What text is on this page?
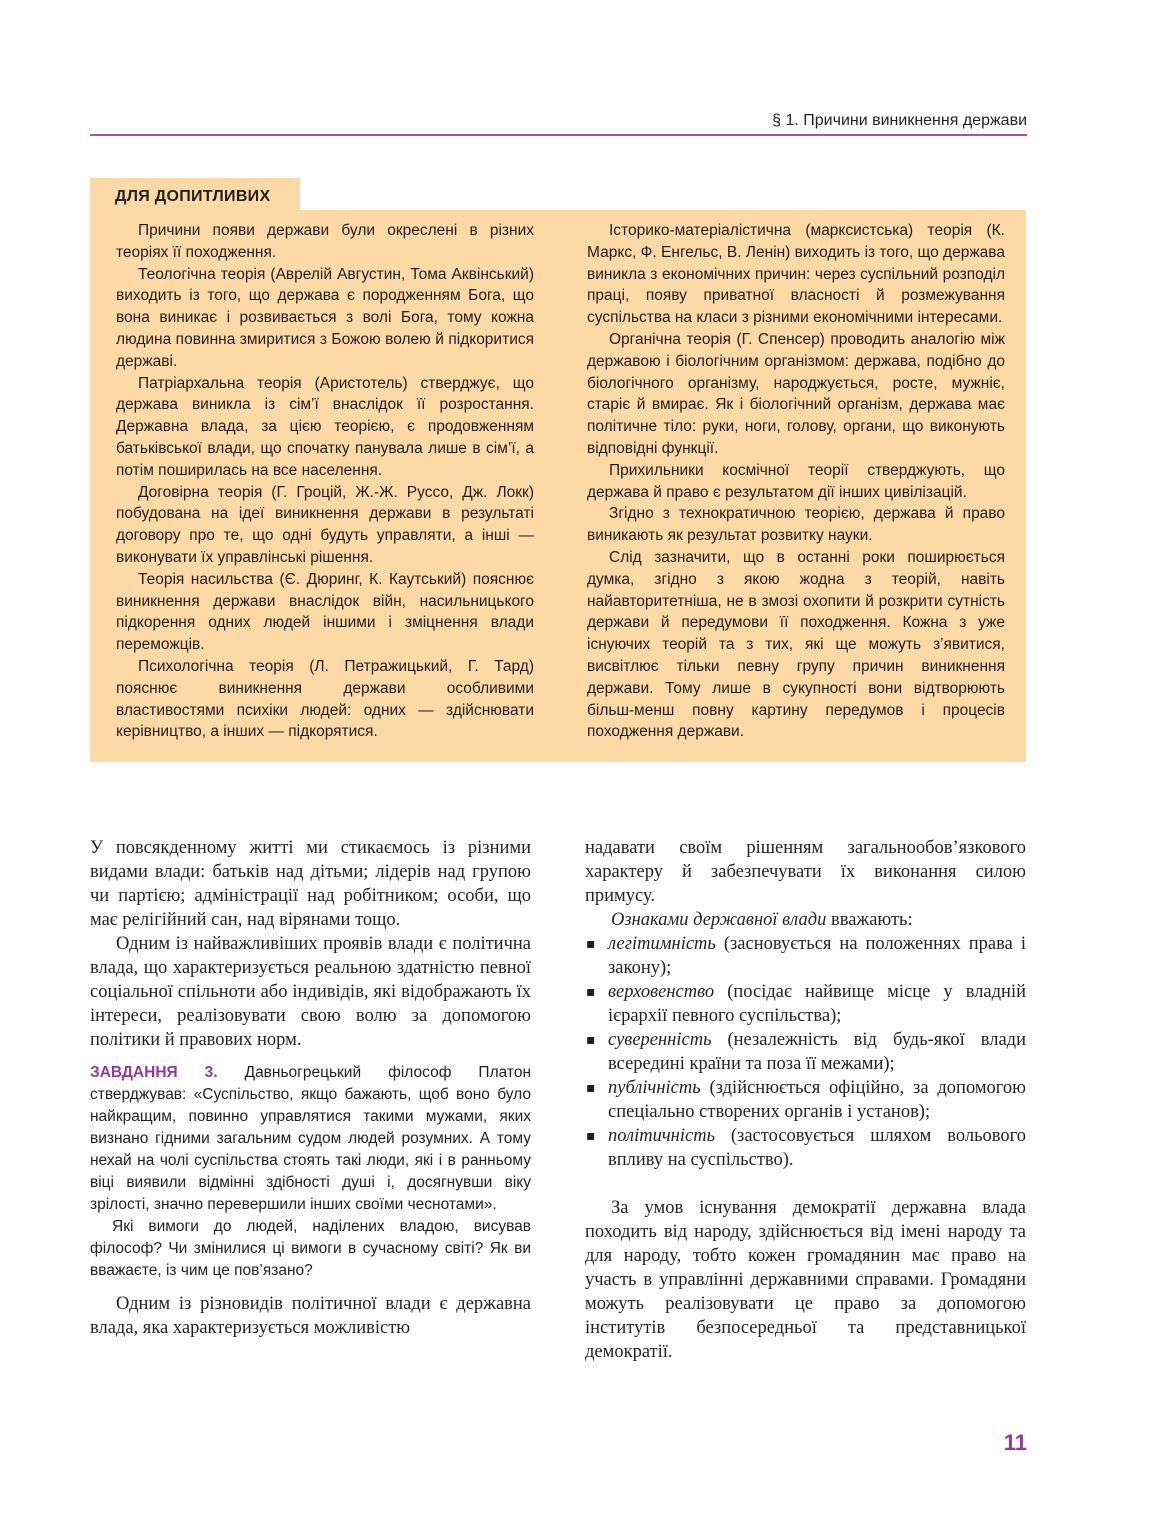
§ 1. Причини виникнення держави
ДЛЯ ДОПИТЛИВИХ

Причини появи держави були окреслені в різних теоріях її походження.

Теологічна теорія (Аврелій Августин, Тома Аквінський) виходить із того, що держава є породженням Бога, що вона виникає і розвивається з волі Бога, тому кожна людина повинна змиритися з Божою волею й підкоритися державі.

Патріархальна теорія (Аристотель) стверджує, що держава виникла із сім’ї внаслідок її розростання. Державна влада, за цією теорією, є продовженням батьківської влади, що спочатку панувала лише в сім’ї, а потім поширилась на все населення.

Договірна теорія (Г. Гроцій, Ж.-Ж. Руссо, Дж. Локк) побудована на ідеї виникнення держави в результаті договору про те, що одні будуть управляти, а інші — виконувати їх управлінські рішення.

Теорія насильства (Є. Дюринг, К. Каутський) пояснює виникнення держави внаслідок війн, насильницького підкорення одних людей іншими і зміцнення влади переможців.

Психологічна теорія (Л. Петражицький, Г. Тард) пояснює виникнення держави особливими властивостями психіки людей: одних — здійснювати керівництво, а інших — підкорятися.

Історико-матеріалістична (марксистська) теорія (К. Маркс, Ф. Енгельс, В. Ленін) виходить із того, що держава виникла з економічних причин: через суспільний розподіл праці, появу приватної власності й розмежування суспільства на класи з різними економічними інтересами.

Органічна теорія (Г. Спенсер) проводить аналогію між державою і біологічним організмом: держава, подібно до біологічного організму, народжується, росте, мужніє, старіє й вмирає. Як і біологічний організм, держава має політичне тіло: руки, ноги, голову, органи, що виконують відповідні функції.

Прихильники космічної теорії стверджують, що держава й право є результатом дії інших цивілізацій.

Згідно з технократичною теорією, держава й право виникають як результат розвитку науки.

Слід зазначити, що в останні роки поширюється думка, згідно з якою жодна з теорій, навіть найавторитетніша, не в змозі охопити й розкрити сутність держави й передумови її походження. Кожна з уже існуючих теорій та з тих, які ще можуть з’явитися, висвітлює тільки певну групу причин виникнення держави. Тому лише в сукупності вони відтворюють більш-менш повну картину передумов і процесів походження держави.

У повсякденному житті ми стикаємось із різними видами влади: батьків над дітьми; лідерів над групою чи партією; адміністрації над робітником; особи, що має релігійний сан, над вірянами тощо.

Одним із найважливіших проявів влади є політична влада, що характеризується реальною здатністю певної соціальної спільноти або індивідів, які відображають їх інтереси, реалізовувати свою волю за допомогою політики й правових норм.

ЗАВДАННЯ 3. Давньогрецький філософ Платон стверджував: «Суспільство, якщо бажають, щоб воно було найкращим, повинно управлятися такими мужами, яких визнано гідними загальним судом людей розумних. А тому нехай на чолі суспільства стоять такі люди, які і в ранньому віці виявили відмінні здібності душі і, досягнувши віку зрілості, значно перевершили інших своїми чеснотами».

Які вимоги до людей, наділених владою, висував філософ? Чи змінилися ці вимоги в сучасному світі? Як ви вважаєте, із чим це пов’язано?

Одним із різновидів політичної влади є державна влада, яка характеризується можливістю

надавати своїм рішенням загальнообов’язкового характеру й забезпечувати їх виконання силою примусу.

Ознаками державної влади вважають:

▪ легітимність (засновується на положеннях права і закону);
▪ верховенство (посідає найвище місце у владній ієрархії певного суспільства);
▪ суверенність (незалежність від будь-якої влади всередині країни та поза її межами);
▪ публічність (здійснюється офіційно, за допомогою спеціально створених органів і установ);
▪ політичність (застосовується шляхом вольового впливу на суспільство).

За умов існування демократії державна влада походить від народу, здійснюється від імені народу та для народу, тобто кожен громадянин має право на участь в управлінні державними справами. Громадяни можуть реалізовувати це право за допомогою інститутів безпосередньої та представницької демократії.

11
